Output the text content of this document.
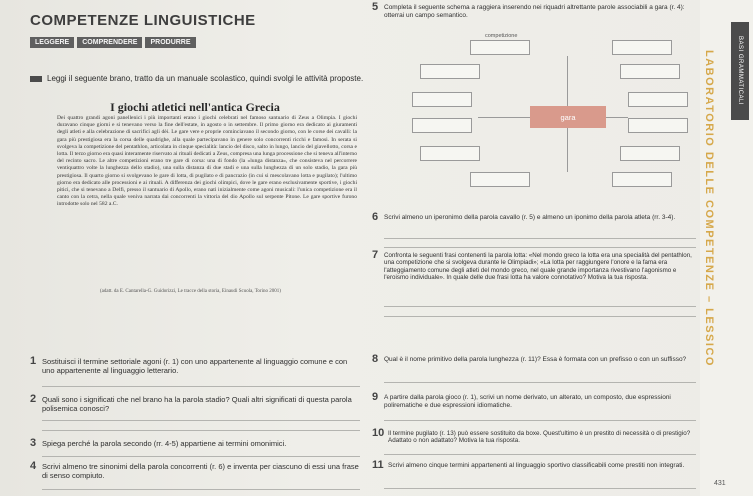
LABORATORIO DELLE COMPETENZE – LESSICO	BASI GRAMMATICALI
431
COMPETENZE LINGUISTICHE
LEGGERE	COMPRENDERE	PRODURRE
Leggi il seguente brano, tratto da un manuale scolastico, quindi svolgi le attività proposte.
I giochi atletici nell'antica Grecia
Dei quattro grandi agoni panellenici i più importanti erano i giochi celebrati nel famoso santuario di Zeus a Olimpia. I giochi duravano cinque giorni e si tenevano verso la fine dell'estate, in agosto o in settembre. Il primo giorno era dedicato ai giuramenti degli atleti e alla celebrazione di sacrifici agli dèi. Le gare vere e proprie cominciavano il secondo giorno, con le corse dei cavalli: la gara più prestigiosa era la corsa delle quadrighe, alla quale partecipavano in genere solo concorrenti ricchi e famosi. In serata si svolgeva la competizione del pentathlon, articolata in cinque specialità: lancio del disco, salto in lungo, lancio del giavellotto, corsa e lotta. Il terzo giorno era quasi interamente riservato ai rituali dedicati a Zeus, compresa una lunga processione che si teneva all'interno del recinto sacro. Le altre competizioni erano tre gare di corsa: una di fondo (la «lunga distanza», che consisteva nel percorrere ventiquattro volte la lunghezza dello stadio), una sulla distanza di due stadi e una sulla lunghezza di un solo stadio, la gara più prestigiosa. Il quarto giorno si svolgevano le gare di lotta, di pugilato e di pancrazio (in cui si mescolavano lotta e pugilato); l'ultimo giorno era dedicato alle processioni e ai rituali. A differenza dei giochi olimpici, dove le gare erano esclusivamente sportive, i giochi pitici, che si tenevano a Delfi, presso il santuario di Apollo, erano nati inizialmente come agoni musicali: l'unica competizione era il canto con la cetra, nella quale veniva narrata dai concorrenti la vittoria del dio Apollo sul serpente Pitone. Le gare sportive furono introdotte solo nel 582 a.C.
(adatt. da E. Cantarella-G. Guidorizzi, Le tracce della storia, Einaudi Scuola, Torino 2001)
1 Sostituisci il termine settoriale agoni (r. 1) con uno appartenente al linguaggio comune e con uno appartenente al linguaggio letterario.
2 Quali sono i significati che nel brano ha la parola stadio? Quali altri significati di questa parola polisemica conosci?
3 Spiega perché la parola secondo (rr. 4-5) appartiene ai termini omonimici.
4 Scrivi almeno tre sinonimi della parola concorrenti (r. 6) e inventa per ciascuno di essi una frase di senso compiuto.
5 Completa il seguente schema a raggiera inserendo nei riquadri altrettante parole associabili a gara (r. 4): otterrai un campo semantico.
competizione
gara
6 Scrivi almeno un iperonimo della parola cavallo (r. 5) e almeno un iponimo della parola atleta (rr. 3-4).
7 Confronta le seguenti frasi contenenti la parola lotta: «Nel mondo greco la lotta era una specialità del pentathlon, una competizione che si svolgeva durante le Olimpiadi»; «La lotta per raggiungere l'onore e la fama era l'atteggiamento comune degli atleti del mondo greco, nel quale grande importanza rivestivano l'agonismo e l'eroismo individuale». In quale delle due frasi lotta ha valore connotativo? Motiva la tua risposta.
8 Qual è il nome primitivo della parola lunghezza (r. 11)? Essa è formata con un prefisso o con un suffisso?
9 A partire dalla parola gioco (r. 1), scrivi un nome derivato, un alterato, un composto, due espressioni polirematiche e due espressioni idiomatiche.
10 Il termine pugilato (r. 13) può essere sostituito da boxe. Quest'ultimo è un prestito di necessità o di prestigio? Adattato o non adattato? Motiva la tua risposta.
11 Scrivi almeno cinque termini appartenenti al linguaggio sportivo classificabili come prestiti non integrati.
